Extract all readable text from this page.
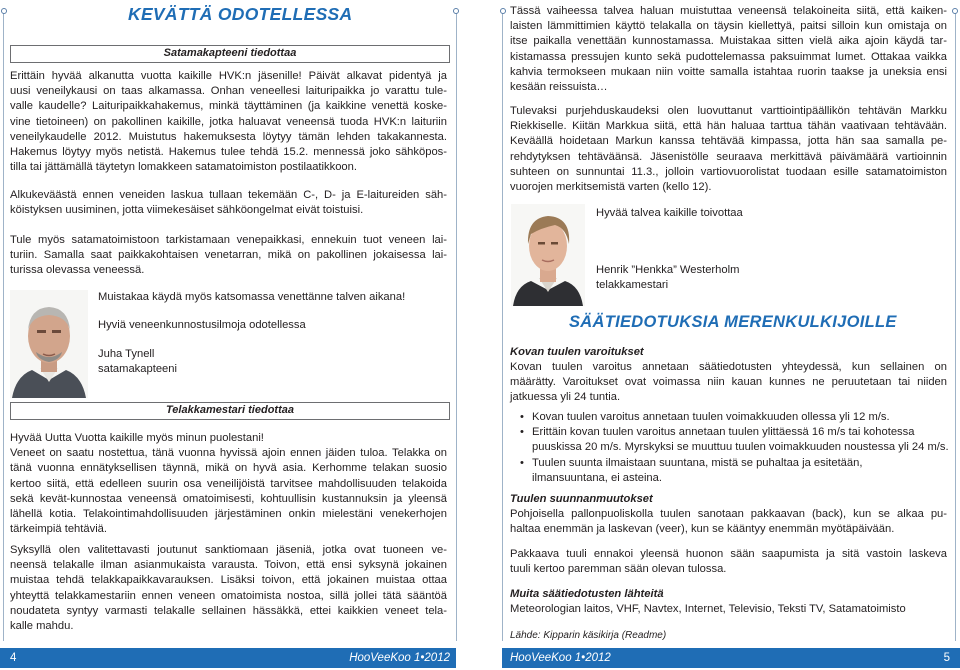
KEVÄTTÄ ODOTELLESSA
Satamakapteeni tiedottaa
Erittäin hyvää alkanutta vuotta kaikille HVK:n jäsenille! Päivät alkavat pidentyä ja
uusi veneilykausi on taas alkamassa. Onhan veneellesi laituripaikka jo varattu tule-
valle kaudelle? Laituripaikkahakemus, minkä täyttäminen (ja kaikkine venettä koske-
vine tietoineen) on pakollinen kaikille, jotka haluavat veneensä tuoda HVK:n laituriin
veneilykaudelle 2012. Muistutus hakemuksesta löytyy tämän lehden takakannesta.
Hakemus löytyy myös netistä. Hakemus tulee tehdä 15.2. mennessä joko sähköpos-
tilla tai jättämällä täytetyn lomakkeen satamatoimiston postilaatikkoon.
Alkukeväästä ennen veneiden laskua tullaan tekemään C-, D- ja E-laitureiden säh-
köistyksen uusiminen, jotta viimekesäiset sähköongelmat eivät toistuisi.
Tule myös satamatoimistoon tarkistamaan venepaikkasi, ennekuin tuot veneen lai-
turiin. Samalla saat paikkakohtaisen venetarran, mikä on pakollinen jokaisessa lai-
turissa olevassa veneessä.
Muistakaa käydä myös katsomassa venettänne talven aikana!
Hyviä veneenkunnostusilmoja odotellessa
Juha Tynell
satamakapteeni
Telakkamestari tiedottaa
Hyvää Uutta Vuotta kaikille myös minun puolestani!
Veneet on saatu nostettua, tänä vuonna hyvissä ajoin ennen jäiden tuloa. Telakka on
tänä vuonna ennätyksellisen täynnä, mikä on hyvä asia. Kerhomme telakan suosio
kertoo siitä, että edelleen suurin osa veneilijöistä tarvitsee mahdollisuuden telakoida
sekä kevät-kunnostaa veneensä omatoimisesti, kohtuullisin kustannuksin ja yleensä
lähellä kotia. Telakointimahdollisuuden järjestäminen onkin mielestäni venekerhojen
tärkeimpiä tehtäviä.
Syksyllä olen valitettavasti joutunut sanktiomaan jäseniä, jotka ovat tuoneen ve-
neensä telakalle ilman asianmukaista varausta. Toivon, että ensi syksynä jokainen
muistaa tehdä telakkapaikkavarauksen. Lisäksi toivon, että jokainen muistaa ottaa
yhteyttä telakkamestariin ennen veneen omatoimista nostoa, sillä jollei tätä sääntöä
noudateta syntyy varmasti telakalle sellainen hässäkkä, ettei kaikkien veneet tela-
kalle mahdu.
4	HooVeeKoo 1•2012
Tässä vaiheessa talvea haluan muistuttaa veneensä telakoineita siitä, että kaiken-
laisten lämmittimien käyttö telakalla on täysin kiellettyä, paitsi silloin kun omistaja on
itse paikalla venettään kunnostamassa. Muistakaa sitten vielä aika ajoin käydä tar-
kistamassa pressujen kunto sekä pudottelemassa paksuimmat lumet. Ottakaa vaikka
kahvia termokseen mukaan niin voitte samalla istahtaa ruorin taakse ja uneksia ensi
kesään reissuista…
Tulevaksi purjehduskaudeksi olen luovuttanut varttiointipäällikön tehtävän Markku
Riekkiselle. Kiitän Markkua siitä, että hän haluaa tarttua tähän vaativaan tehtävään.
Keväällä hoidetaan Markun kanssa tehtävää kimpassa, jotta hän saa samalla pe-
rehdytyksen tehtäväänsä. Jäsenistölle seuraava merkittävä päivämäärä vartioinnin
suhteen on sunnuntai 11.3., jolloin vartiovuorolistat tuodaan esille satamatoimiston
vuorojen merkitsemistä varten (kello 12).
Hyvää talvea kaikille toivottaa
Henrik ”Henkka” Westerholm
telakkamestari
SÄÄTIEDOTUKSIA MERENKULKIJOILLE
Kovan tuulen varoitukset
Kovan tuulen varoitus annetaan säätiedotusten yhteydessä, kun sellainen on
määrätty. Varoitukset ovat voimassa niin kauan kunnes ne peruutetaan tai niiden
jatkuessa yli 24 tuntia.
• Kovan tuulen varoitus annetaan tuulen voimakkuuden ollessa yli 12 m/s.
• Erittäin kovan tuulen varoitus annetaan tuulen ylittäessä 16 m/s tai kohotessa
puuskissa 20 m/s. Myrskyksi se muuttuu tuulen voimakkuuden noustessa yli 24 m/s.
• Tuulen suunta ilmaistaan suuntana, mistä se puhaltaa ja esitetään,
ilmansuuntana, ei asteina.
Tuulen suunnanmuutokset
Pohjoisella pallonpuoliskolla tuulen sanotaan pakkaavan (back), kun se alkaa pu-
haltaa enemmän ja laskevan (veer), kun se kääntyy enemmän myötäpäivään.
Pakkaava tuuli ennakoi yleensä huonon sään saapumista ja sitä vastoin laskeva
tuuli kertoo paremman sään olevan tulossa.
Muita säätiedotusten lähteitä
Meteorologian laitos, VHF, Navtex, Internet, Televisio, Teksti TV, Satamatoimisto
Lähde: Kipparin käsikirja (Readme)
HooVeeKoo 1•2012	5
